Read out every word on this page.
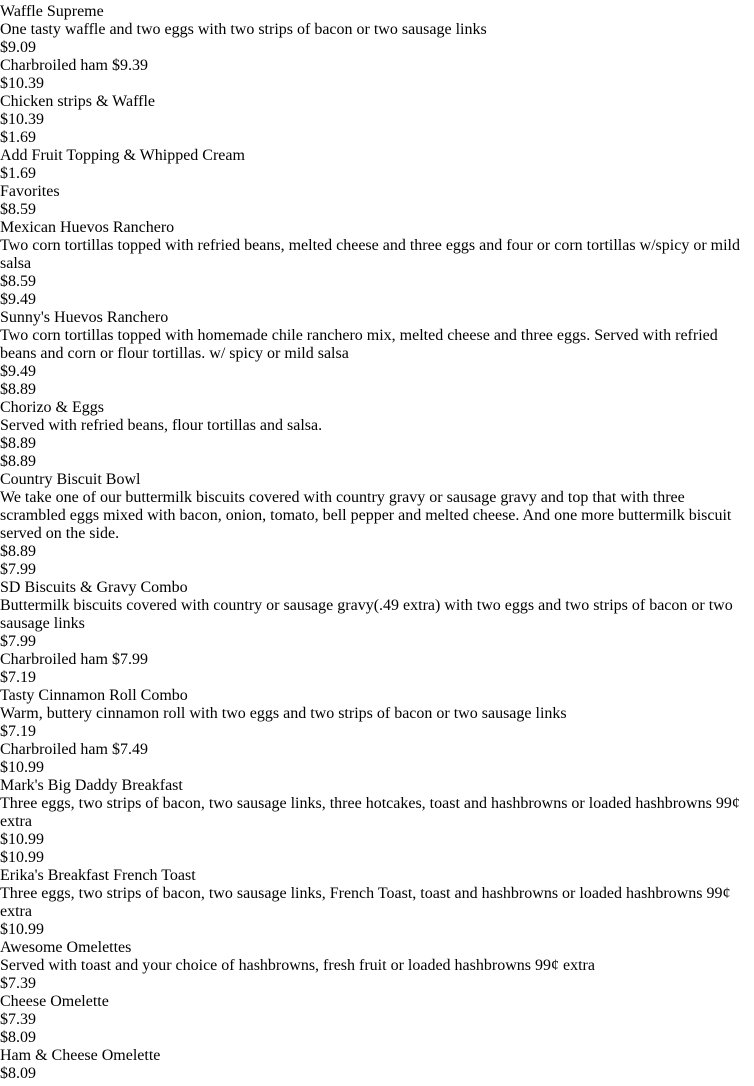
Waffle Supreme
One tasty waffle and two eggs with two strips of bacon or two sausage links
$9.09
Charbroiled ham $9.39
$10.39
Chicken strips & Waffle
$10.39
$1.69
Add Fruit Topping & Whipped Cream
$1.69
Favorites
$8.59
Mexican Huevos Ranchero
Two corn tortillas topped with refried beans, melted cheese and three eggs and four or corn tortillas w/spicy or mild salsa
$8.59
$9.49
Sunny's Huevos Ranchero
Two corn tortillas topped with homemade chile ranchero mix, melted cheese and three eggs. Served with refried beans and corn or flour tortillas. w/ spicy or mild salsa
$9.49
$8.89
Chorizo & Eggs
Served with refried beans, flour tortillas and salsa.
$8.89
$8.89
Country Biscuit Bowl
We take one of our buttermilk biscuits covered with country gravy or sausage gravy and top that with three scrambled eggs mixed with bacon, onion, tomato, bell pepper and melted cheese. And one more buttermilk biscuit served on the side.
$8.89
$7.99
SD Biscuits & Gravy Combo
Buttermilk biscuits covered with country or sausage gravy(.49 extra) with two eggs and two strips of bacon or two sausage links
$7.99
Charbroiled ham $7.99
$7.19
Tasty Cinnamon Roll Combo
Warm, buttery cinnamon roll with two eggs and two strips of bacon or two sausage links
$7.19
Charbroiled ham $7.49
$10.99
Mark's Big Daddy Breakfast
Three eggs, two strips of bacon, two sausage links, three hotcakes, toast and hashbrowns or loaded hashbrowns 99¢ extra
$10.99
$10.99
Erika's Breakfast French Toast
Three eggs, two strips of bacon, two sausage links, French Toast, toast and hashbrowns or loaded hashbrowns 99¢ extra
$10.99
Awesome Omelettes
Served with toast and your choice of hashbrowns, fresh fruit or loaded hashbrowns 99¢ extra
$7.39
Cheese Omelette
$7.39
$8.09
Ham & Cheese Omelette
$8.09
